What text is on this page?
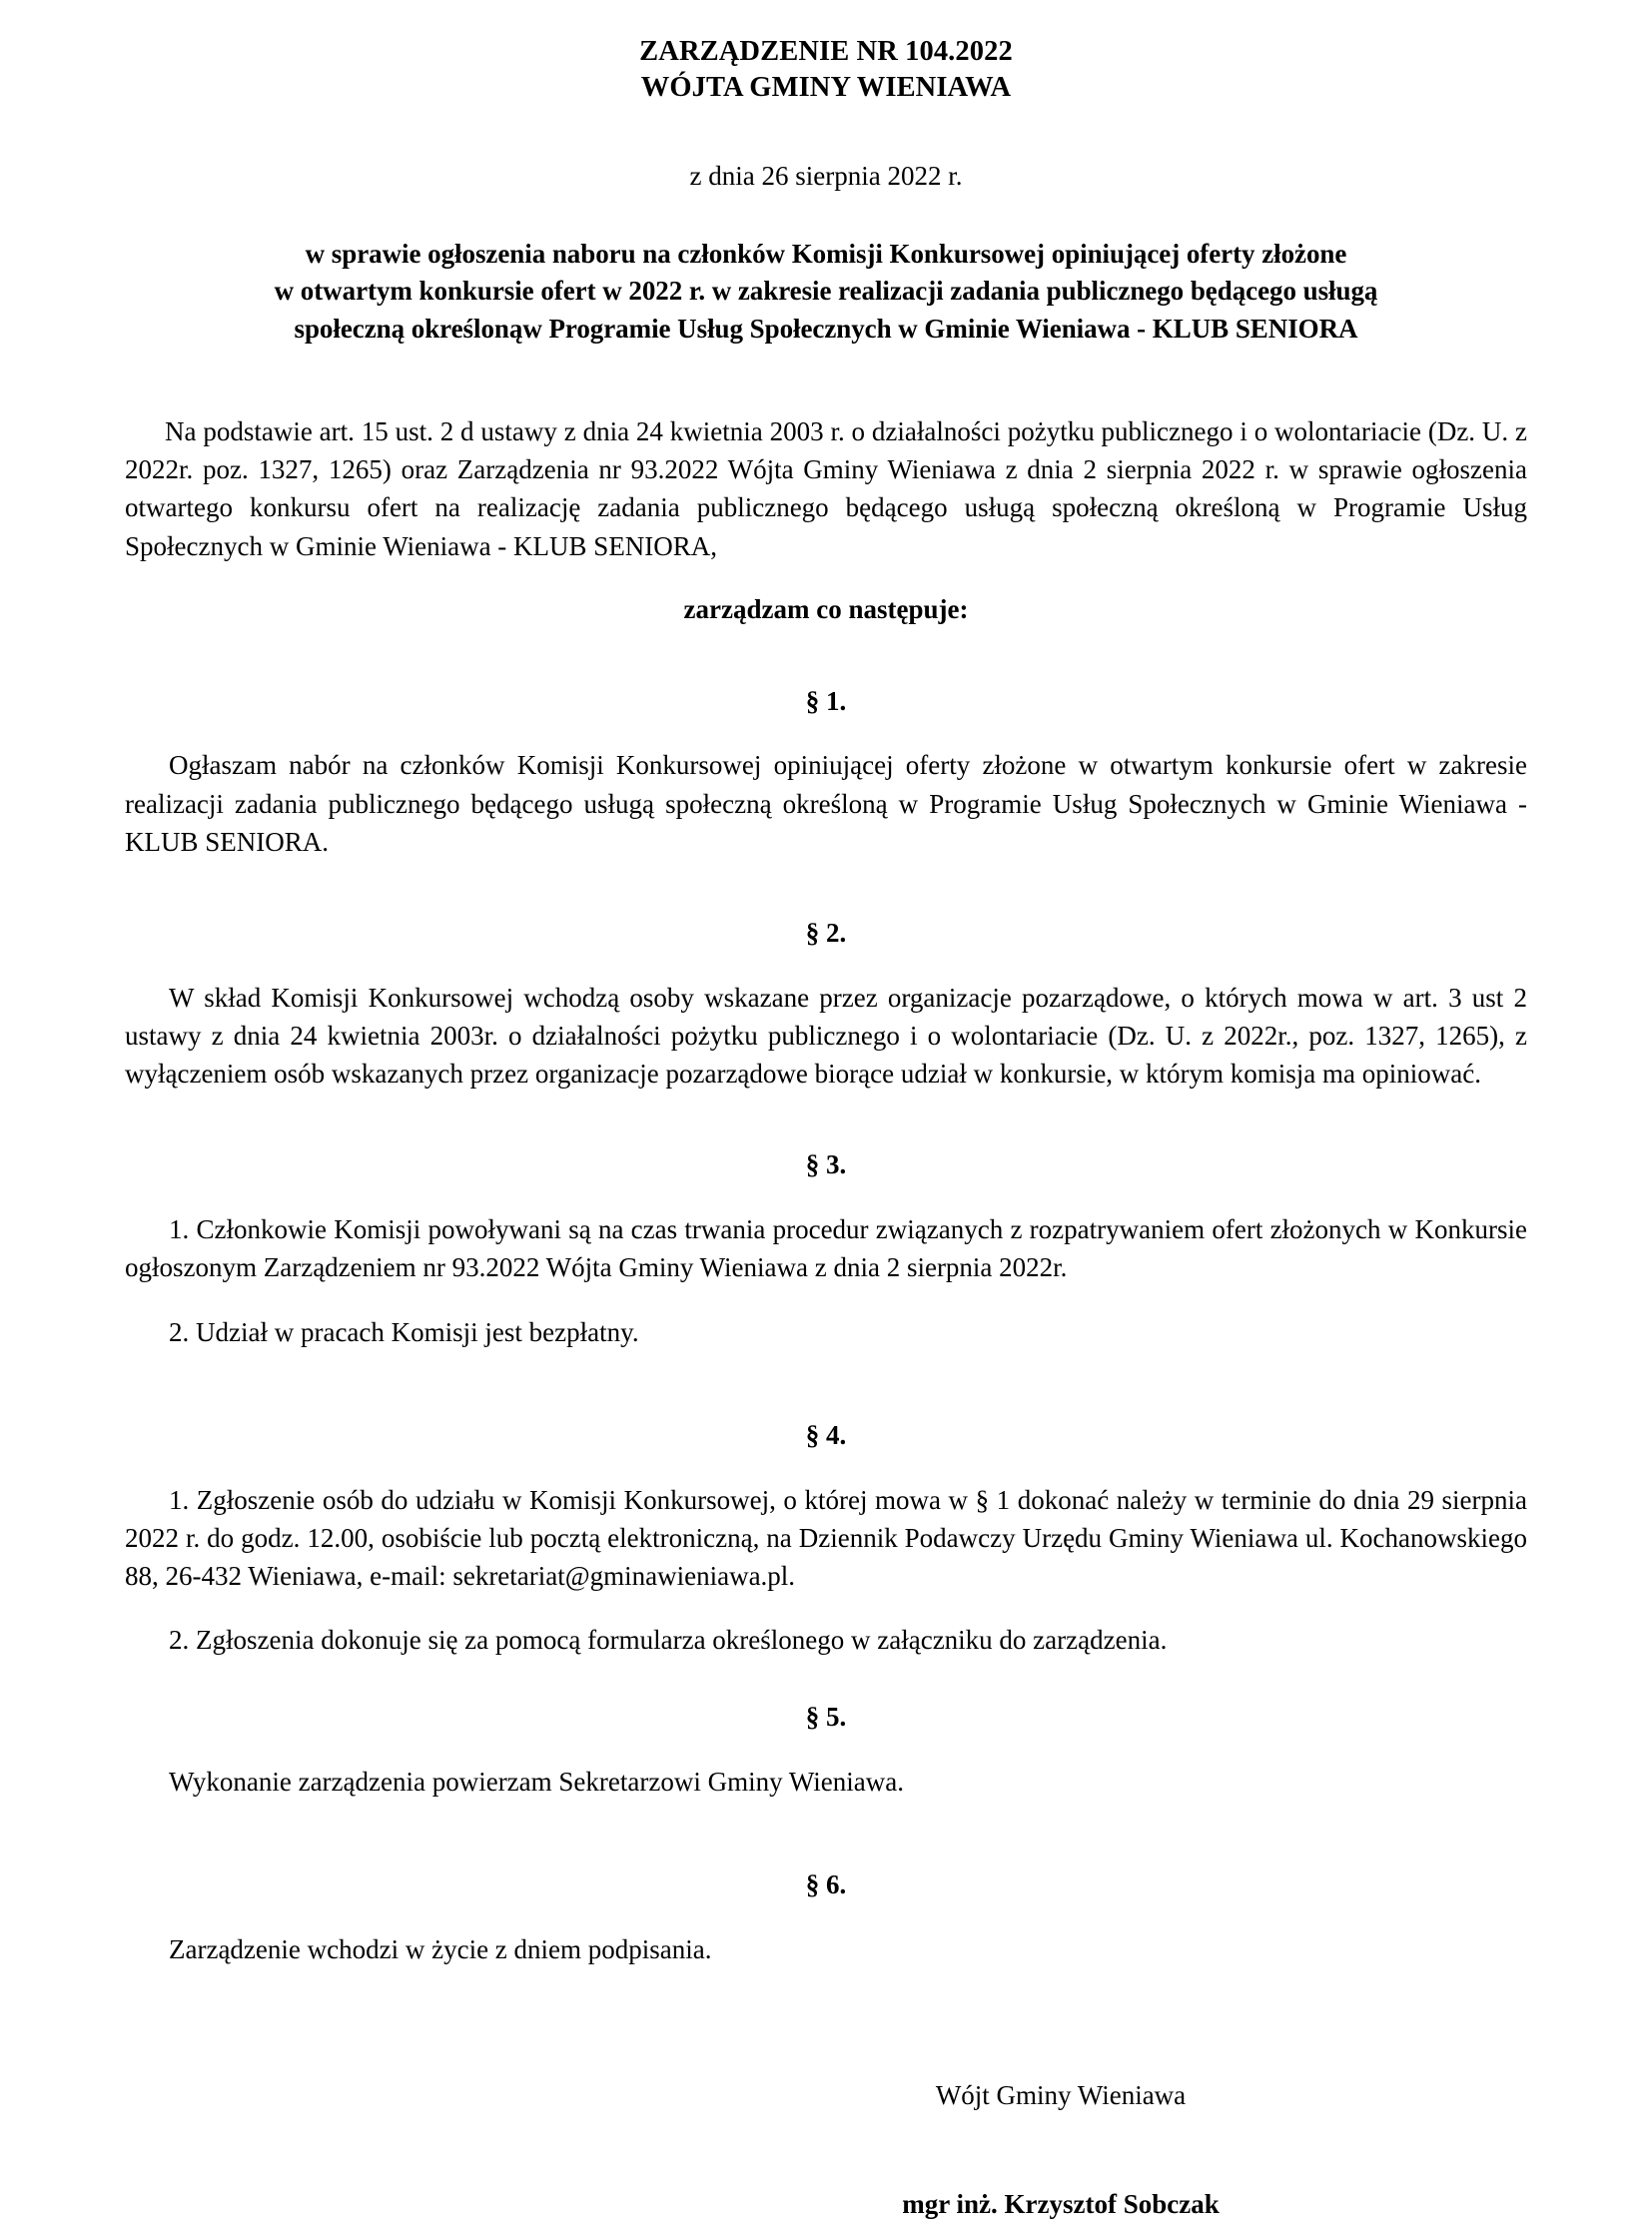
ZARZĄDZENIE NR 104.2022
WÓJTA GMINY WIENIAWA
z dnia 26 sierpnia 2022 r.
w sprawie ogłoszenia naboru na członków Komisji Konkursowej opiniującej oferty złożone
w otwartym konkursie ofert w 2022 r. w zakresie realizacji zadania publicznego będącego usługą
społeczną określonąw Programie Usług Społecznych w Gminie Wieniawa - KLUB SENIORA

Na podstawie art. 15 ust. 2 d ustawy z dnia 24 kwietnia 2003 r. o działalności pożytku publicznego i o wolontariacie (Dz. U. z 2022r. poz. 1327, 1265) oraz Zarządzenia nr 93.2022 Wójta Gminy Wieniawa z dnia 2 sierpnia 2022 r. w sprawie ogłoszenia otwartego konkursu ofert na realizację zadania publicznego będącego usługą społeczną określoną w Programie Usług Społecznych w Gminie Wieniawa - KLUB SENIORA,

zarządzam co następuje:
§ 1.

Ogłaszam nabór na członków Komisji Konkursowej opiniującej oferty złożone w otwartym konkursie ofert w zakresie realizacji zadania publicznego będącego usługą społeczną określoną w Programie Usług Społecznych w Gminie Wieniawa - KLUB SENIORA.

§ 2.

W skład Komisji Konkursowej wchodzą osoby wskazane przez organizacje pozarządowe, o których mowa w art. 3 ust 2 ustawy z dnia 24 kwietnia 2003r. o działalności pożytku publicznego i o wolontariacie (Dz. U. z 2022r., poz. 1327, 1265), z wyłączeniem osób wskazanych przez organizacje pozarządowe biorące udział w konkursie, w którym komisja ma opiniować.

§ 3.

1. Członkowie Komisji powoływani są na czas trwania procedur związanych z rozpatrywaniem ofert złożonych w Konkursie ogłoszonym Zarządzeniem nr 93.2022 Wójta Gminy Wieniawa z dnia 2 sierpnia 2022r.

2. Udział w pracach Komisji jest bezpłatny.

§ 4.

1. Zgłoszenie osób do udziału w Komisji Konkursowej, o której mowa w § 1 dokonać należy w terminie do dnia 29 sierpnia 2022 r. do godz. 12.00, osobiście lub pocztą elektroniczną, na Dziennik Podawczy Urzędu Gminy Wieniawa ul. Kochanowskiego 88, 26-432 Wieniawa, e-mail: sekretariat@gminawieniawa.pl.

2. Zgłoszenia dokonuje się za pomocą formularza określonego w załączniku do zarządzenia.

§ 5.

Wykonanie zarządzenia powierzam Sekretarzowi Gminy Wieniawa.

§ 6.

Zarządzenie wchodzi w życie z dniem podpisania.

Wójt Gminy Wieniawa
mgr inż. Krzysztof Sobczak
